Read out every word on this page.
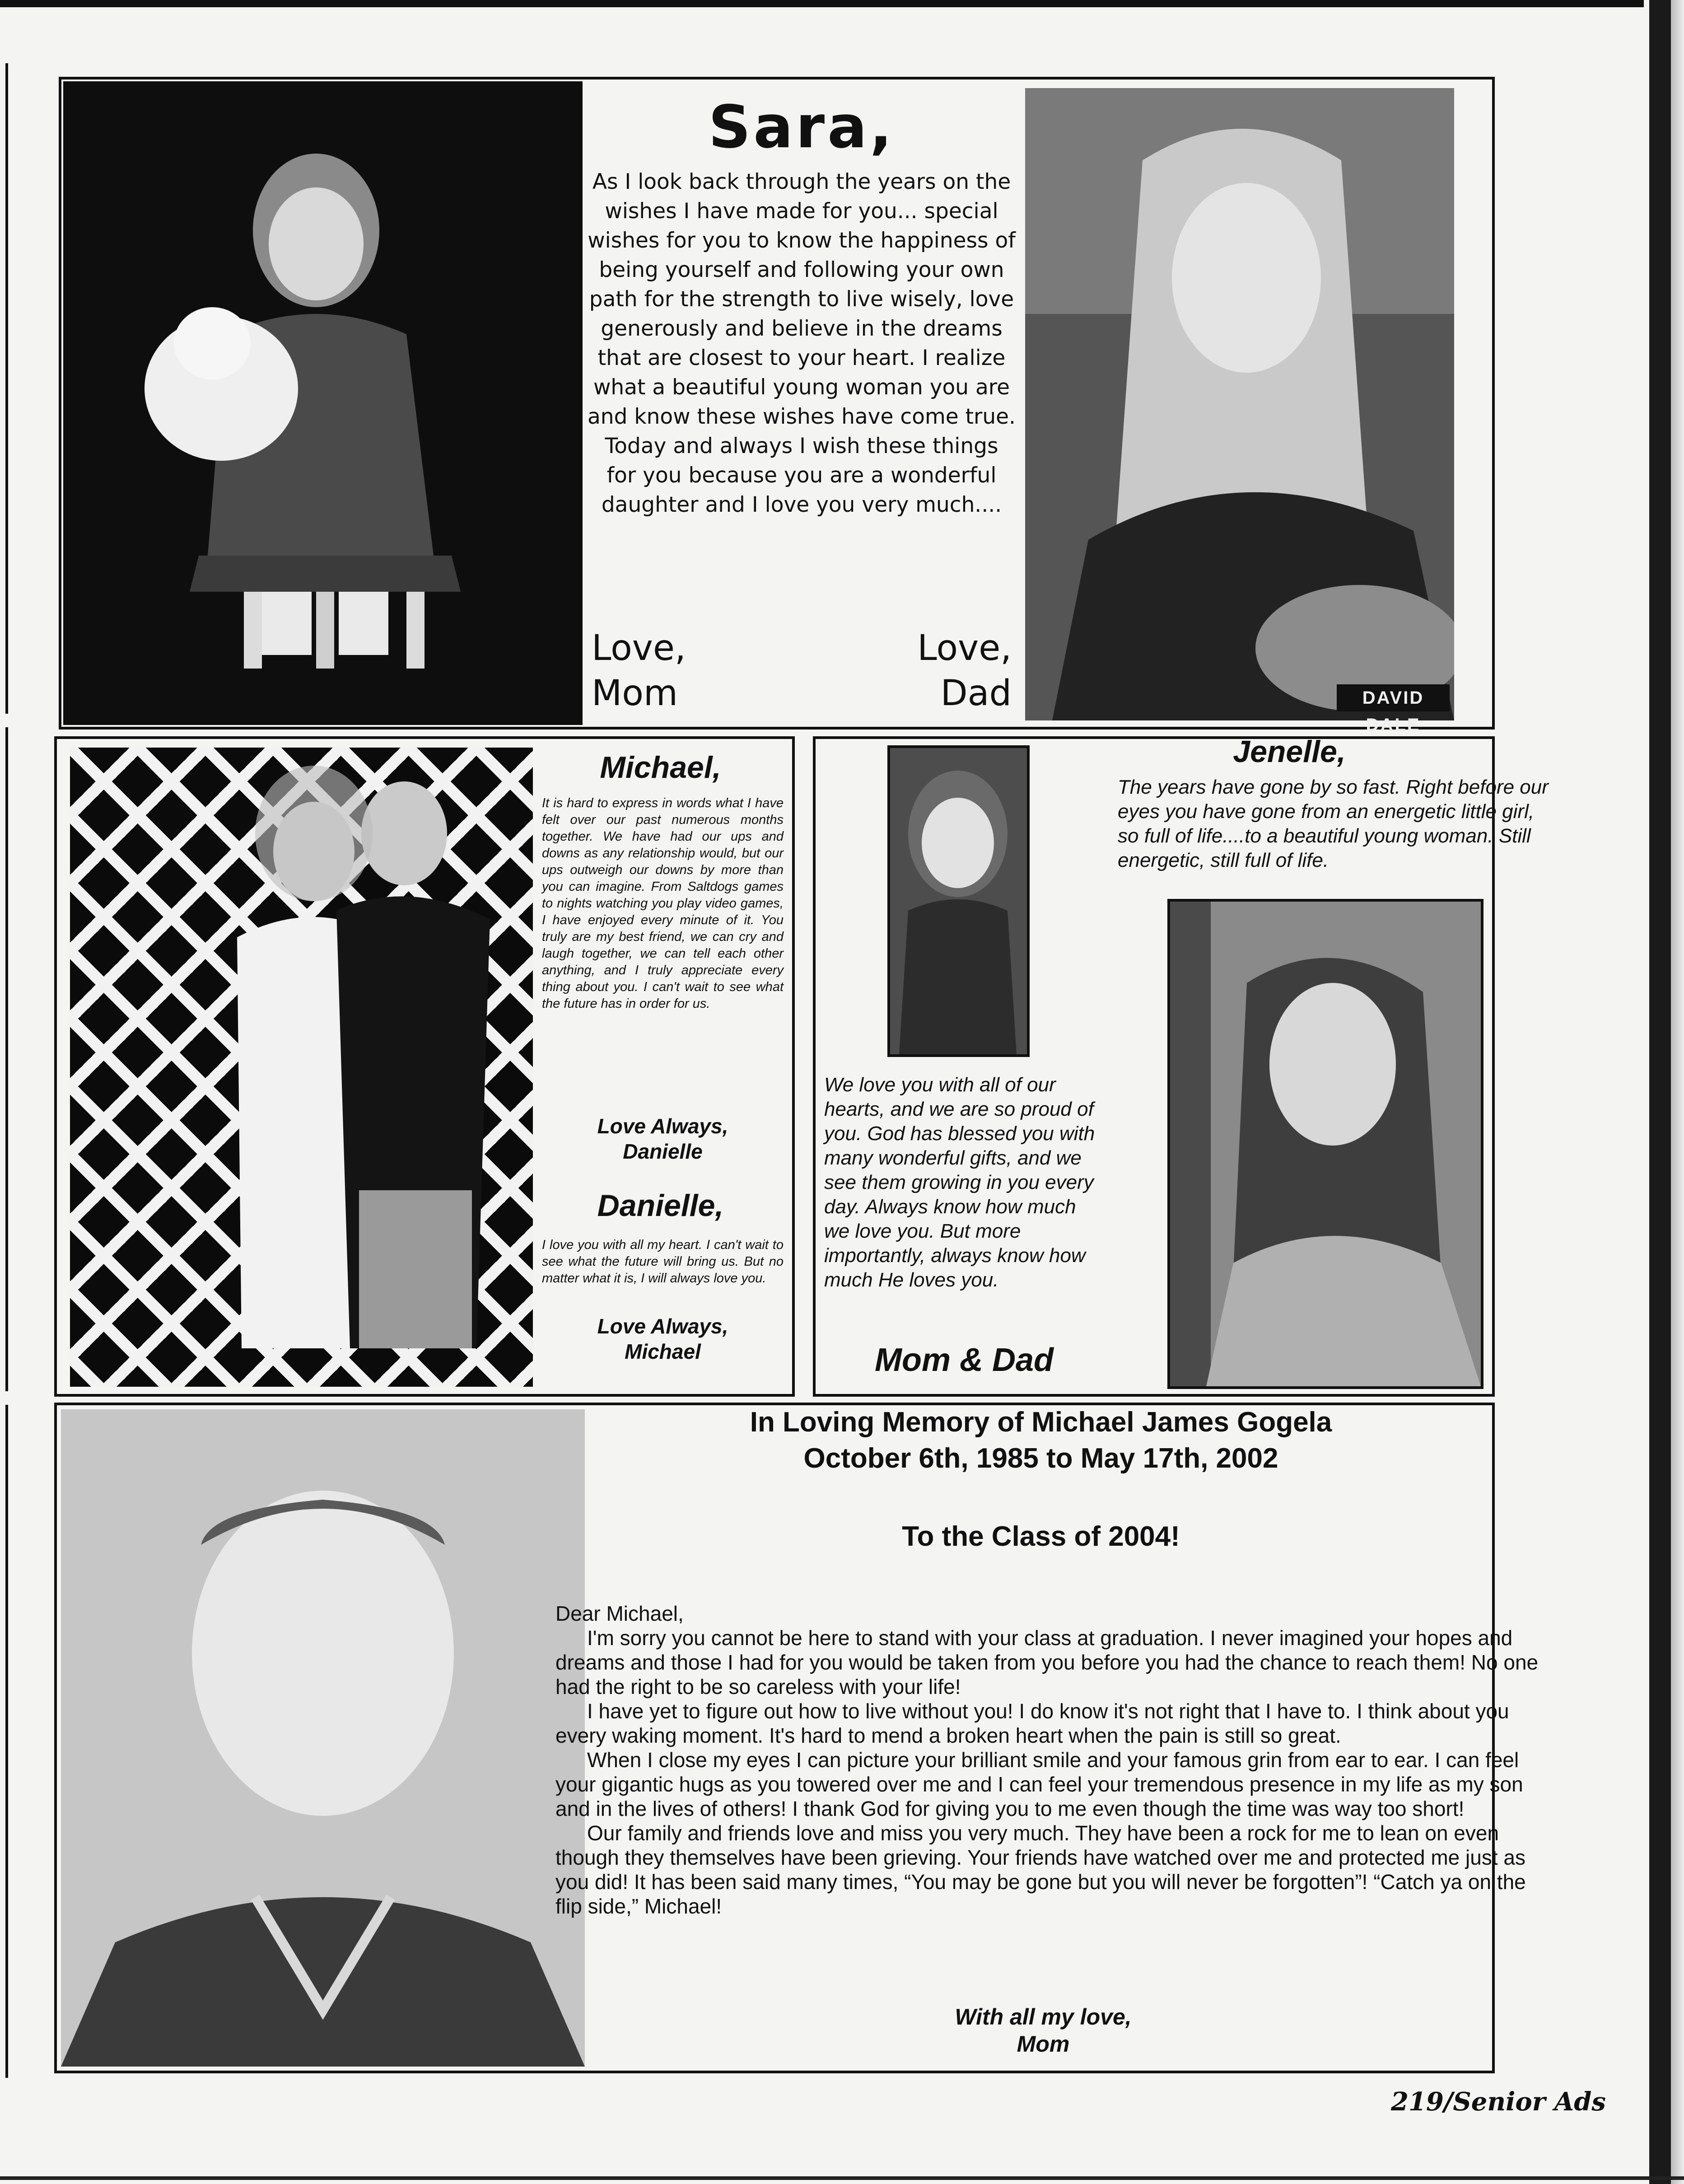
Sara,
As I look back through the years on the wishes I have made for you... special wishes for you to know the happiness of being yourself and following your own path for the strength to live wisely, love generously and believe in the dreams that are closest to your heart. I realize what a beautiful young woman you are and know these wishes have come true. Today and always I wish these things for you because you are a wonderful daughter and I love you very much....
Love,
Mom
Love,
Dad	DAVID DALE
Michael,
It is hard to express in words what I have felt over our past numerous months together. We have had our ups and downs as any relationship would, but our ups outweigh our downs by more than you can imagine. From Saltdogs games to nights watching you play video games, I have enjoyed every minute of it. You truly are my best friend, we can cry and laugh together, we can tell each other anything, and I truly appreciate every thing about you. I can't wait to see what the future has in order for us.
Love Always,
Danielle
Danielle,
I love you with all my heart. I can't wait to see what the future will bring us. But no matter what it is, I will always love you.
Love Always,
Michael
Jenelle,
The years have gone by so fast. Right before our eyes you have gone from an energetic little girl, so full of life....to a beautiful young woman. Still energetic, still full of life.
We love you with all of our hearts, and we are so proud of you. God has blessed you with many wonderful gifts, and we see them growing in you every day. Always know how much we love you. But more importantly, always know how much He loves you.
Mom & Dad
In Loving Memory of Michael James Gogela
October 6th, 1985 to May 17th, 2002
To the Class of 2004!

Dear Michael,

I'm sorry you cannot be here to stand with your class at graduation. I never imagined your hopes and dreams and those I had for you would be taken from you before you had the chance to reach them! No one had the right to be so careless with your life!

I have yet to figure out how to live without you! I do know it's not right that I have to. I think about you every waking moment. It's hard to mend a broken heart when the pain is still so great.

When I close my eyes I can picture your brilliant smile and your famous grin from ear to ear. I can feel your gigantic hugs as you towered over me and I can feel your tremendous presence in my life as my son and in the lives of others! I thank God for giving you to me even though the time was way too short!

Our family and friends love and miss you very much. They have been a rock for me to lean on even though they themselves have been grieving. Your friends have watched over me and protected me just as you did! It has been said many times, “You may be gone but you will never be forgotten”! “Catch ya on the flip side,” Michael!

With all my love,
Mom
219/Senior Ads
